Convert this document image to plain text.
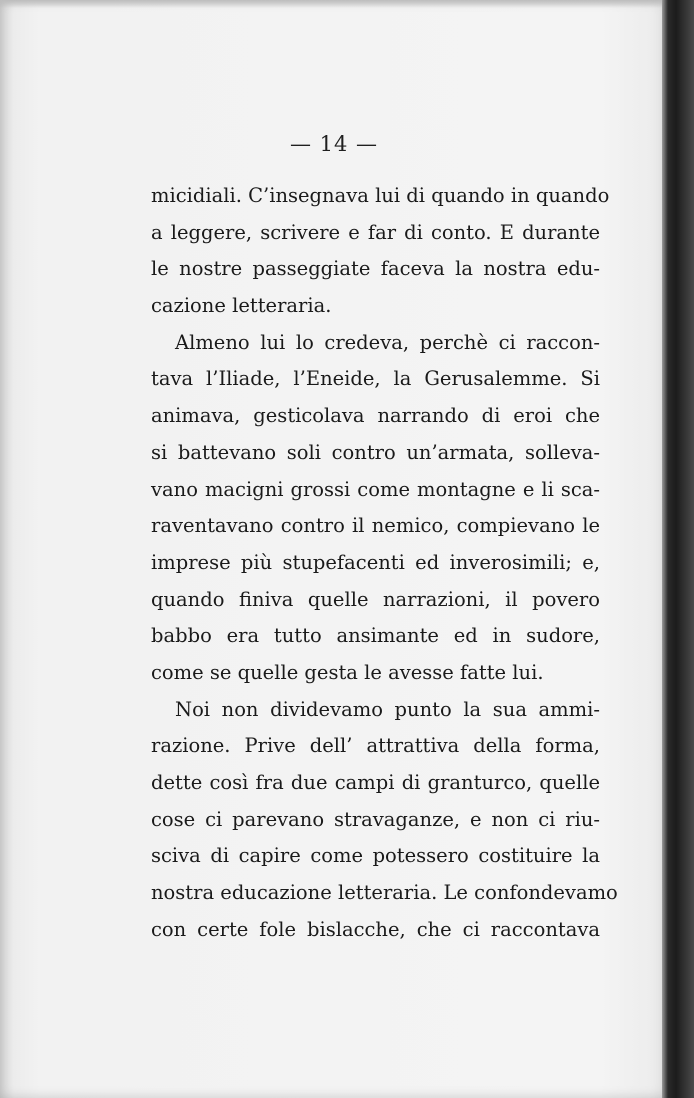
— 14 —
micidiali. C’insegnava lui di quando in quando
a leggere, scrivere e far di conto. E durante
le nostre passeggiate faceva la nostra edu-
cazione letteraria.
Almeno lui lo credeva, perchè ci raccon-
tava l’Iliade, l’Eneide, la Gerusalemme. Si
animava, gesticolava narrando di eroi che
si battevano soli contro un’armata, solleva-
vano macigni grossi come montagne e li sca-
raventavano contro il nemico, compievano le
imprese più stupefacenti ed inverosimili; e,
quando finiva quelle narrazioni, il povero
babbo era tutto ansimante ed in sudore,
come se quelle gesta le avesse fatte lui.
Noi non dividevamo punto la sua ammi-
razione. Prive dell’ attrattiva della forma,
dette così fra due campi di granturco, quelle
cose ci parevano stravaganze, e non ci riu-
sciva di capire come potessero costituire la
nostra educazione letteraria. Le confondevamo
con certe fole bislacche, che ci raccontava
